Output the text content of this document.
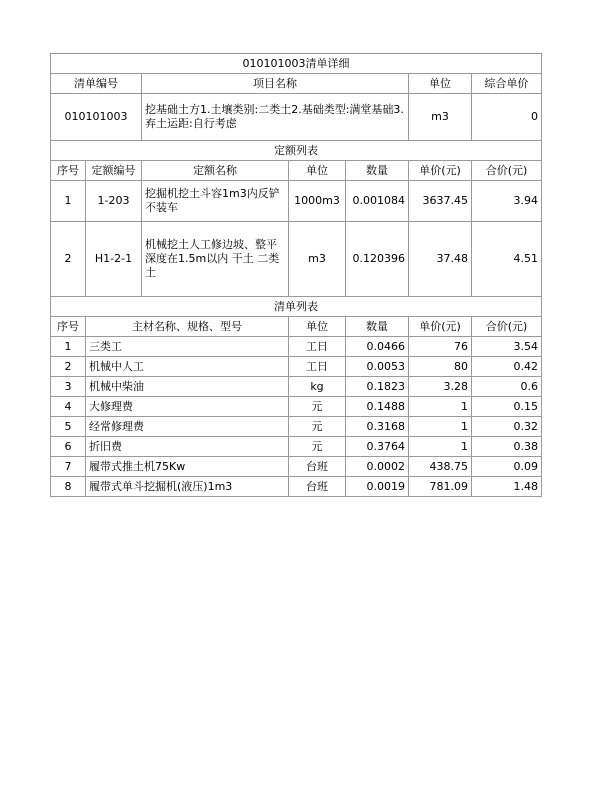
010101003清单详细						
清单编号		项目名称			单位	综合单价
010101003		挖基础土方1.土壤类别:二类土2.基础类型:满堂基础3.弃土运距:自行考虑			m3	0
定额列表						
序号	定额编号	定额名称	单位	数量	单价(元)	合价(元)
1	1-203	挖掘机挖土斗容1m3内反铲 不装车	1000m3	0.001084	3637.45	3.94
2	H1-2-1	机械挖土人工修边坡、整平 深度在1.5m以内 干土 二类土	m3	0.120396	37.48	4.51
清单列表						
序号	主材名称、规格、型号		单位	数量	单价(元)	合价(元)
1	三类工		工日	0.0466	76	3.54
2	机械中人工		工日	0.0053	80	0.42
3	机械中柴油		kg	0.1823	3.28	0.6
4	大修理费		元	0.1488	1	0.15
5	经常修理费		元	0.3168	1	0.32
6	折旧费		元	0.3764	1	0.38
7	履带式推土机75Kw		台班	0.0002	438.75	0.09
8	履带式单斗挖掘机(液压)1m3		台班	0.0019	781.09	1.48
